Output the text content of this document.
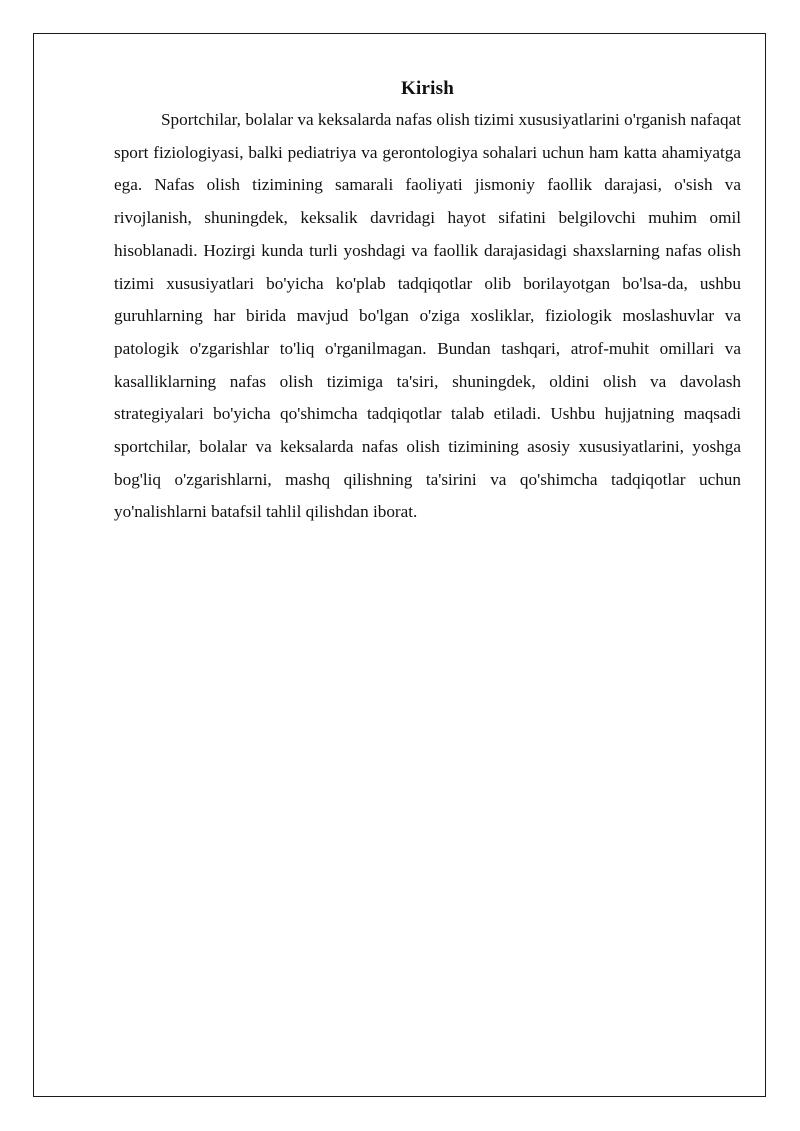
Kirish

Sportchilar, bolalar va keksalarda nafas olish tizimi xususiyatlarini o'rganish nafaqat sport fiziologiyasi, balki pediatriya va gerontologiya sohalari uchun ham katta ahamiyatga ega. Nafas olish tizimining samarali faoliyati jismoniy faollik darajasi, o'sish va rivojlanish, shuningdek, keksalik davridagi hayot sifatini belgilovchi muhim omil hisoblanadi. Hozirgi kunda turli yoshdagi va faollik darajasidagi shaxslarning nafas olish tizimi xususiyatlari bo'yicha ko'plab tadqiqotlar olib borilayotgan bo'lsa-da, ushbu guruhlarning har birida mavjud bo'lgan o'ziga xosliklar, fiziologik moslashuvlar va patologik o'zgarishlar to'liq o'rganilmagan. Bundan tashqari, atrof-muhit omillari va kasalliklarning nafas olish tizimiga ta'siri, shuningdek, oldini olish va davolash strategiyalari bo'yicha qo'shimcha tadqiqotlar talab etiladi. Ushbu hujjatning maqsadi sportchilar, bolalar va keksalarda nafas olish tizimining asosiy xususiyatlarini, yoshga bog'liq o'zgarishlarni, mashq qilishning ta'sirini va qo'shimcha tadqiqotlar uchun yo'nalishlarni batafsil tahlil qilishdan iborat.
